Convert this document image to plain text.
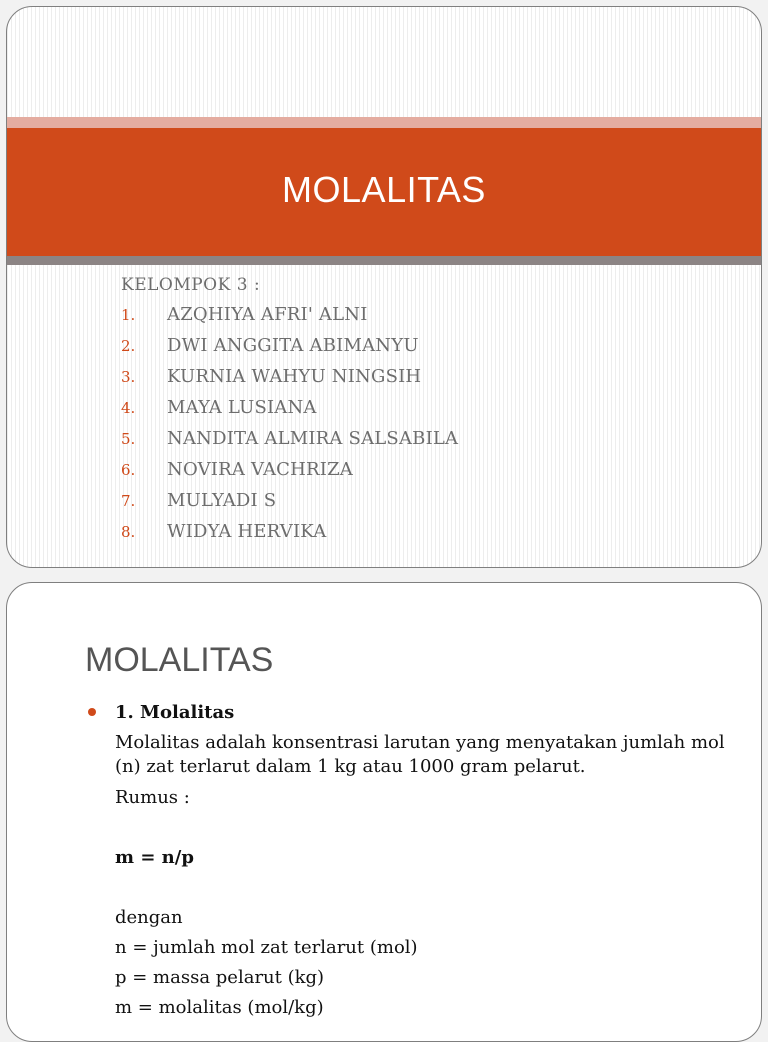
MOLALITAS
KELOMPOK 3 :
1.	AZQHIYA AFRI' ALNI
2.	DWI ANGGITA ABIMANYU
3.	KURNIA WAHYU NINGSIH
4.	MAYA LUSIANA
5.	NANDITA ALMIRA SALSABILA
6.	NOVIRA VACHRIZA
7.	MULYADI S
8.	WIDYA HERVIKA
MOLALITAS
1. Molalitas
Molalitas adalah konsentrasi larutan yang menyatakan jumlah mol (n) zat terlarut dalam 1 kg atau 1000 gram pelarut.
Rumus :
m = n/p
dengan
n = jumlah mol zat terlarut (mol)
p = massa pelarut (kg)
m = molalitas (mol/kg)
